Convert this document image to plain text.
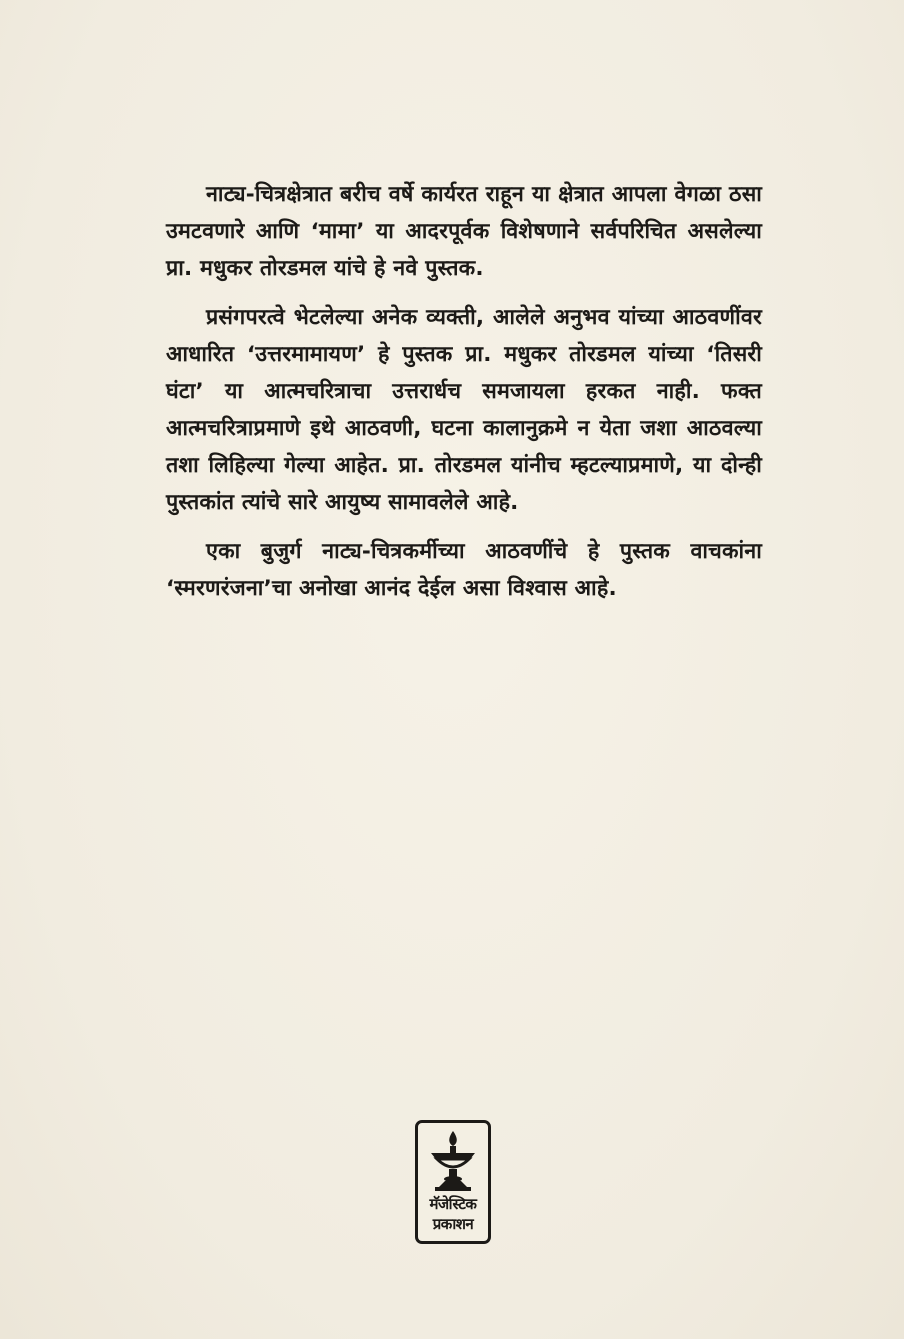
नाट्य-चित्रक्षेत्रात बरीच वर्षे कार्यरत राहून या क्षेत्रात आपला वेगळा ठसा उमटवणारे आणि ‘मामा’ या आदरपूर्वक विशेषणाने सर्वपरिचित असलेल्या प्रा. मधुकर तोरडमल यांचे हे नवे पुस्तक.

प्रसंगपरत्वे भेटलेल्या अनेक व्यक्ती, आलेले अनुभव यांच्या आठवणींवर आधारित ‘उत्तरमामायण’ हे पुस्तक प्रा. मधुकर तोरडमल यांच्या ‘तिसरी घंटा’ या आत्मचरित्राचा उत्तरार्धच समजायला हरकत नाही. फक्त आत्मचरित्राप्रमाणे इथे आठवणी, घटना कालानुक्रमे न येता जशा आठवल्या तशा लिहिल्या गेल्या आहेत. प्रा. तोरडमल यांनीच म्हटल्याप्रमाणे, या दोन्ही पुस्तकांत त्यांचे सारे आयुष्य सामावलेले आहे.

एका बुजुर्ग नाट्य-चित्रकर्मीच्या आठवणींचे हे पुस्तक वाचकांना ‘स्मरणरंजना’चा अनोखा आनंद देईल असा विश्वास आहे.

मॅजेस्टिक
प्रकाशन
